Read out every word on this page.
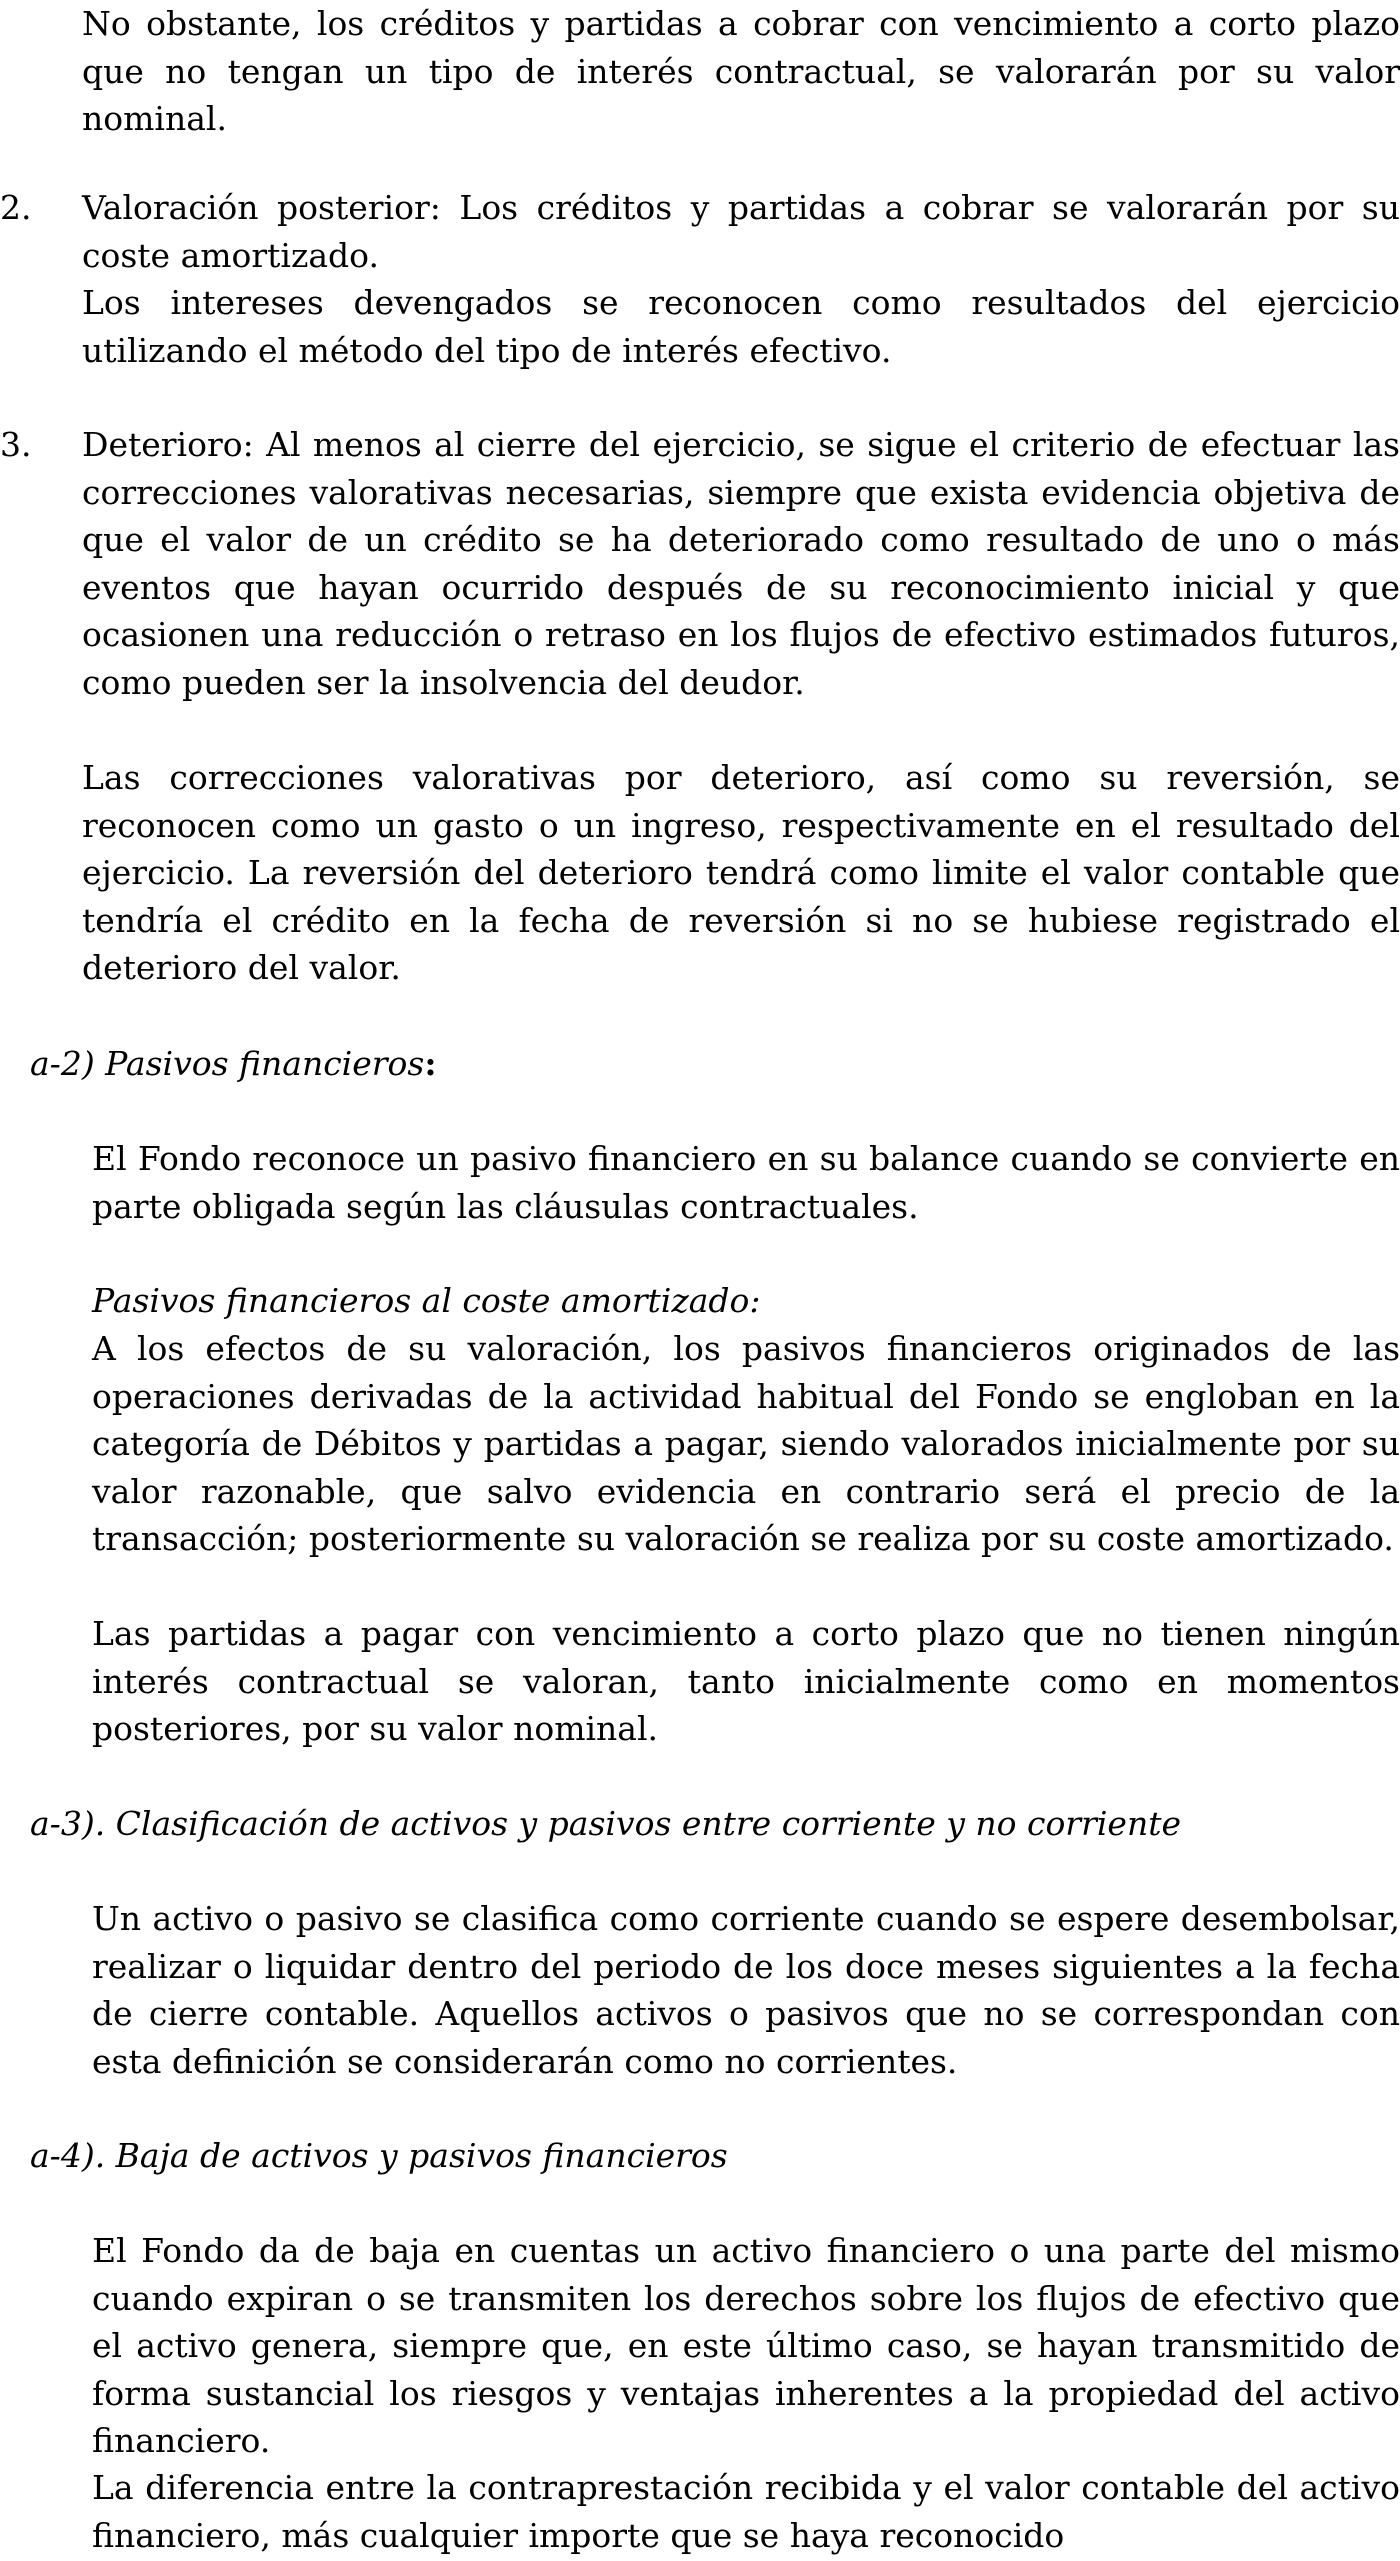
No obstante, los créditos y partidas a cobrar con vencimiento a corto plazo que no tengan un tipo de interés contractual, se valorarán por su valor nominal.

2. Valoración posterior: Los créditos y partidas a cobrar se valorarán por su coste amortizado.

Los intereses devengados se reconocen como resultados del ejercicio utilizando el método del tipo de interés efectivo.

3. Deterioro: Al menos al cierre del ejercicio, se sigue el criterio de efectuar las correcciones valorativas necesarias, siempre que exista evidencia objetiva de que el valor de un crédito se ha deteriorado como resultado de uno o más eventos que hayan ocurrido después de su reconocimiento inicial y que ocasionen una reducción o retraso en los flujos de efectivo estimados futuros, como pueden ser la insolvencia del deudor.

Las correcciones valorativas por deterioro, así como su reversión, se reconocen como un gasto o un ingreso, respectivamente en el resultado del ejercicio. La reversión del deterioro tendrá como limite el valor contable que tendría el crédito en la fecha de reversión si no se hubiese registrado el deterioro del valor.

a-2) Pasivos financieros:

El Fondo reconoce un pasivo financiero en su balance cuando se convierte en parte obligada según las cláusulas contractuales.

Pasivos financieros al coste amortizado:

A los efectos de su valoración, los pasivos financieros originados de las operaciones derivadas de la actividad habitual del Fondo se engloban en la categoría de Débitos y partidas a pagar, siendo valorados inicialmente por su valor razonable, que salvo evidencia en contrario será el precio de la transacción; posteriormente su valoración se realiza por su coste amortizado.

Las partidas a pagar con vencimiento a corto plazo que no tienen ningún interés contractual se valoran, tanto inicialmente como en momentos posteriores, por su valor nominal.

a-3). Clasificación de activos y pasivos entre corriente y no corriente

Un activo o pasivo se clasifica como corriente cuando se espere desembolsar, realizar o liquidar dentro del periodo de los doce meses siguientes a la fecha de cierre contable. Aquellos activos o pasivos que no se correspondan con esta definición se considerarán como no corrientes.

a-4). Baja de activos y pasivos financieros

El Fondo da de baja en cuentas un activo financiero o una parte del mismo cuando expiran o se transmiten los derechos sobre los flujos de efectivo que el activo genera, siempre que, en este último caso, se hayan transmitido de forma sustancial los riesgos y ventajas inherentes a la propiedad del activo financiero.

La diferencia entre la contraprestación recibida y el valor contable del activo financiero, más cualquier importe que se haya reconocido
